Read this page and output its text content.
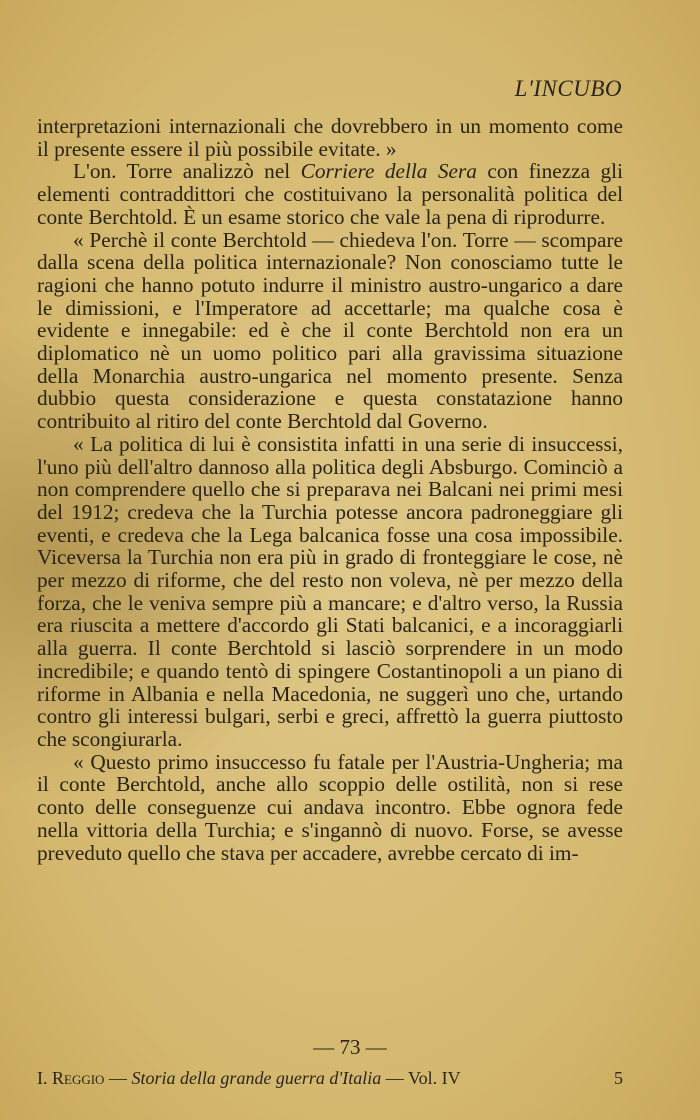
L'INCUBO

interpretazioni internazionali che dovrebbero in un momento come il presente essere il più possibile evitate. »

L'on. Torre analizzò nel Corriere della Sera con finezza gli elementi contraddittori che costituivano la personalità politica del conte Berchtold. È un esame storico che vale la pena di riprodurre.

« Perchè il conte Berchtold — chiedeva l'on. Torre — scompare dalla scena della politica internazionale? Non conosciamo tutte le ragioni che hanno potuto indurre il ministro austro-ungarico a dare le dimissioni, e l'Imperatore ad accettarle; ma qualche cosa è evidente e innegabile: ed è che il conte Berchtold non era un diplomatico nè un uomo politico pari alla gravissima situazione della Monarchia austro-ungarica nel momento presente. Senza dubbio questa considerazione e questa constatazione hanno contribuito al ritiro del conte Berchtold dal Governo.

« La politica di lui è consistita infatti in una serie di insuccessi, l'uno più dell'altro dannoso alla politica degli Absburgo. Cominciò a non comprendere quello che si preparava nei Balcani nei primi mesi del 1912; credeva che la Turchia potesse ancora padroneggiare gli eventi, e credeva che la Lega balcanica fosse una cosa impossibile. Viceversa la Turchia non era più in grado di fronteggiare le cose, nè per mezzo di riforme, che del resto non voleva, nè per mezzo della forza, che le veniva sempre più a mancare; e d'altro verso, la Russia era riuscita a mettere d'accordo gli Stati balcanici, e a incoraggiarli alla guerra. Il conte Berchtold si lasciò sorprendere in un modo incredibile; e quando tentò di spingere Costantinopoli a un piano di riforme in Albania e nella Macedonia, ne suggerì uno che, urtando contro gli interessi bulgari, serbi e greci, affrettò la guerra piuttosto che scongiurarla.

« Questo primo insuccesso fu fatale per l'Austria-Ungheria; ma il conte Berchtold, anche allo scoppio delle ostilità, non si rese conto delle conseguenze cui andava incontro. Ebbe ognora fede nella vittoria della Turchia; e s'ingannò di nuovo. Forse, se avesse preveduto quello che stava per accadere, avrebbe cercato di im-

— 73 —
I. Reggio — Storia della grande guerra d'Italia — Vol. IV	5
